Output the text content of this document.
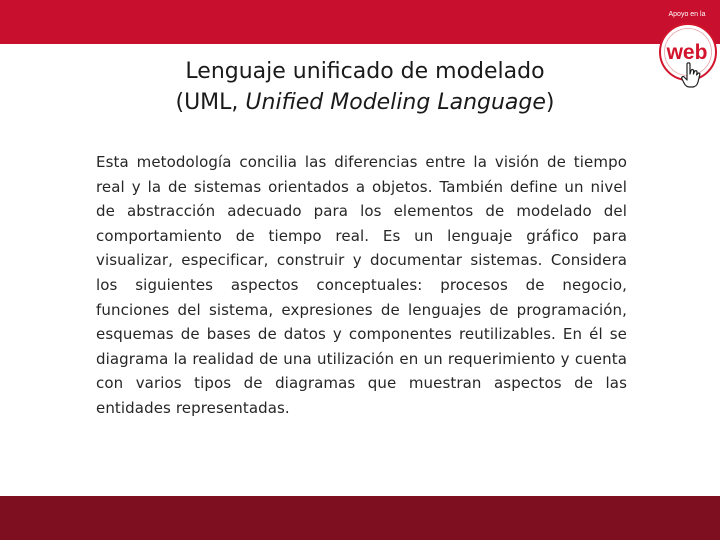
Apoyo en la
web
Lenguaje unificado de modelado
(UML, Unified Modeling Language)
Esta metodología concilia las diferencias entre la visión de tiempo real y la de sistemas orientados a objetos. También define un nivel de abstracción adecuado para los elementos de modelado del comportamiento de tiempo real. Es un lenguaje gráfico para visualizar, especificar, construir y documentar sistemas. Considera los siguientes aspectos conceptuales: procesos de negocio, funciones del sistema, expresiones de lenguajes de programación, esquemas de bases de datos y componentes reutilizables. En él se diagrama la realidad de una utilización en un requerimiento y cuenta con varios tipos de diagramas que muestran aspectos de las entidades representadas.
